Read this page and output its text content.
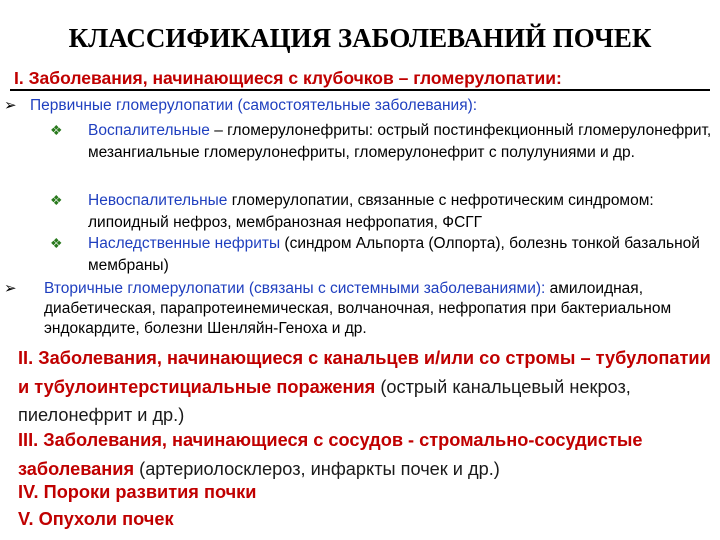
КЛАССИФИКАЦИЯ ЗАБОЛЕВАНИЙ ПОЧЕК
I. Заболевания, начинающиеся с клубочков – гломерулопатии:
➢ Первичные гломерулопатии (самостоятельные заболевания):
❖ Воспалительные – гломерулонефриты: острый постинфекционный гломерулонефрит, мезангиальные гломерулонефриты, гломерулонефрит с полулуниями и др.
❖ Невоспалительные гломерулопатии, связанные с нефротическим синдромом: липоидный нефроз, мембранозная нефропатия, ФСГГ
❖ Наследственные нефриты (синдром Альпорта (Олпорта), болезнь тонкой базальной мембраны)
➢ Вторичные гломерулопатии (связаны с системными заболеваниями): амилоидная, диабетическая, парапротеинемическая, волчаночная, нефропатия при бактериальном эндокардите, болезни Шенляйн-Геноха и др.
II. Заболевания, начинающиеся с канальцев и/или со стромы – тубулопатии и тубулоинтерстициальные поражения (острый канальцевый некроз, пиелонефрит и др.)
III. Заболевания, начинающиеся с сосудов - стромально-сосудистые заболевания (артериолосклероз, инфаркты почек и др.)
IV. Пороки развития почки
V. Опухоли почек
